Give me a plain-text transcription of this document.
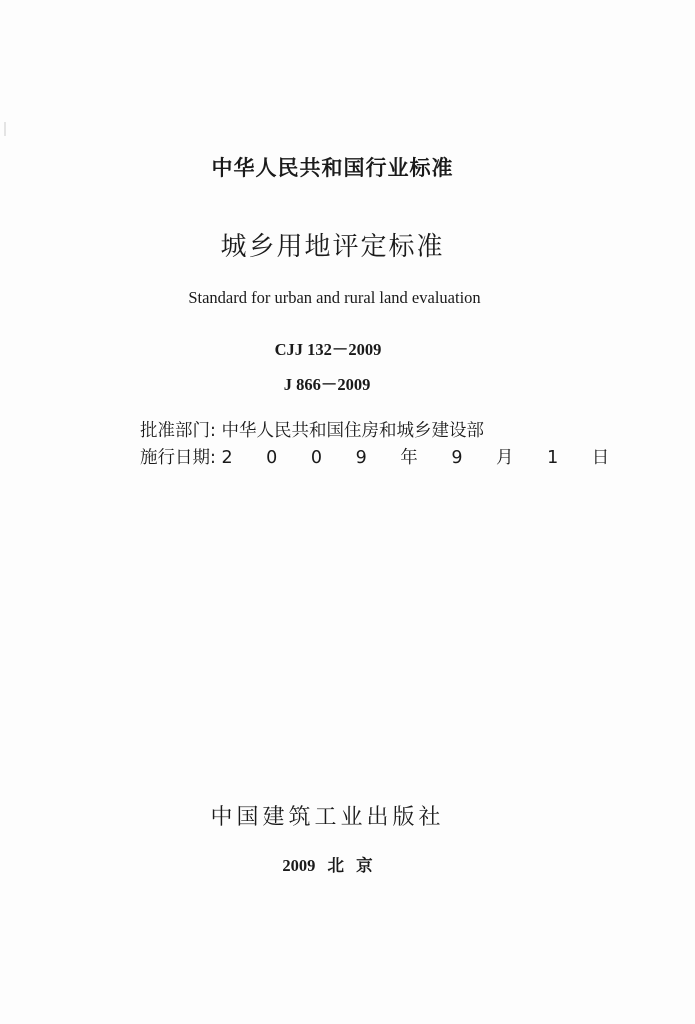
中华人民共和国行业标准
城乡用地评定标准
Standard for urban and rural land evaluation
CJJ 132－2009
J 866－2009
批准部门: 中华人民共和国住房和城乡建设部
施行日期: 2 0 0 9 年 9 月 1 日
中国建筑工业出版社
2009 北 京
